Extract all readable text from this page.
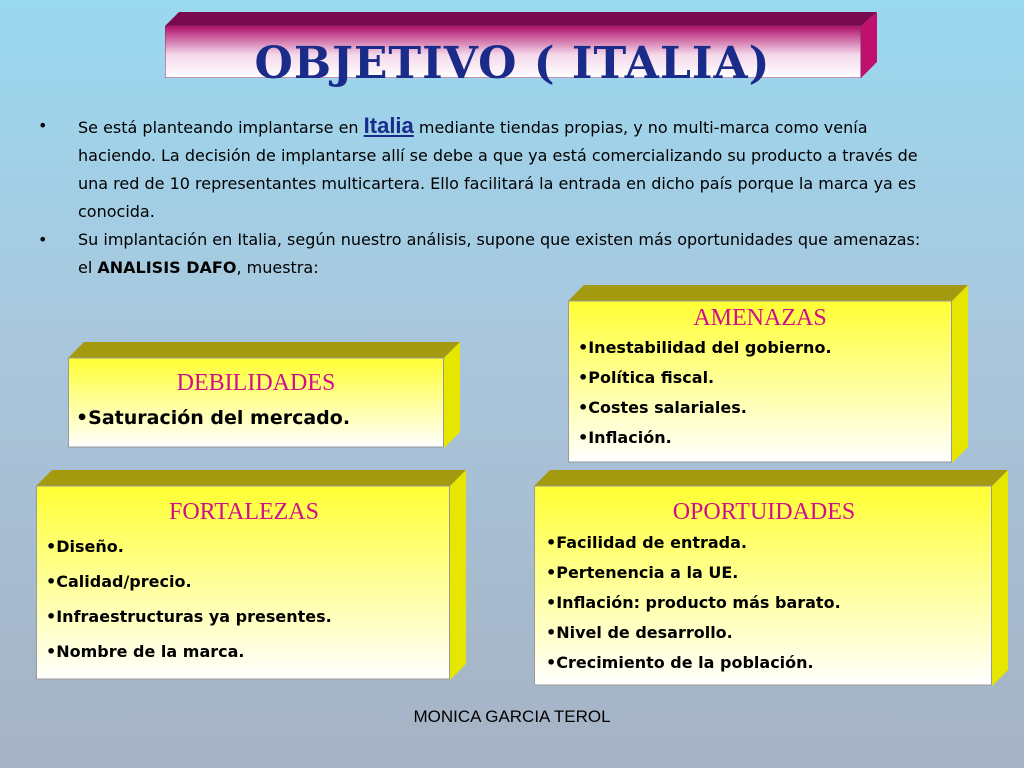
OBJETIVO ( ITALIA)

•	Se está planteando implantarse en Italia mediante tiendas propias, y no multi-marca como venía haciendo. La decisión de implantarse allí se debe a que ya está comercializando su producto a través de una red de 10 representantes multicartera. Ello facilitará la entrada en dicho país porque la marca ya es conocida.

•	Su implantación en Italia, según nuestro análisis, supone que existen más oportunidades que amenazas: el ANALISIS DAFO, muestra:

AMENAZAS
•Inestabilidad del gobierno.
•Política fiscal.
•Costes salariales.
•Inflación.
DEBILIDADES
•Saturación del mercado.
FORTALEZAS
•Diseño.
•Calidad/precio.
•Infraestructuras ya presentes.
•Nombre de la marca.
OPORTUIDADES
•Facilidad de entrada.
•Pertenencia a la UE.
•Inflación: producto más barato.
•Nivel de desarrollo.
•Crecimiento de la población.
MONICA GARCIA TEROL
